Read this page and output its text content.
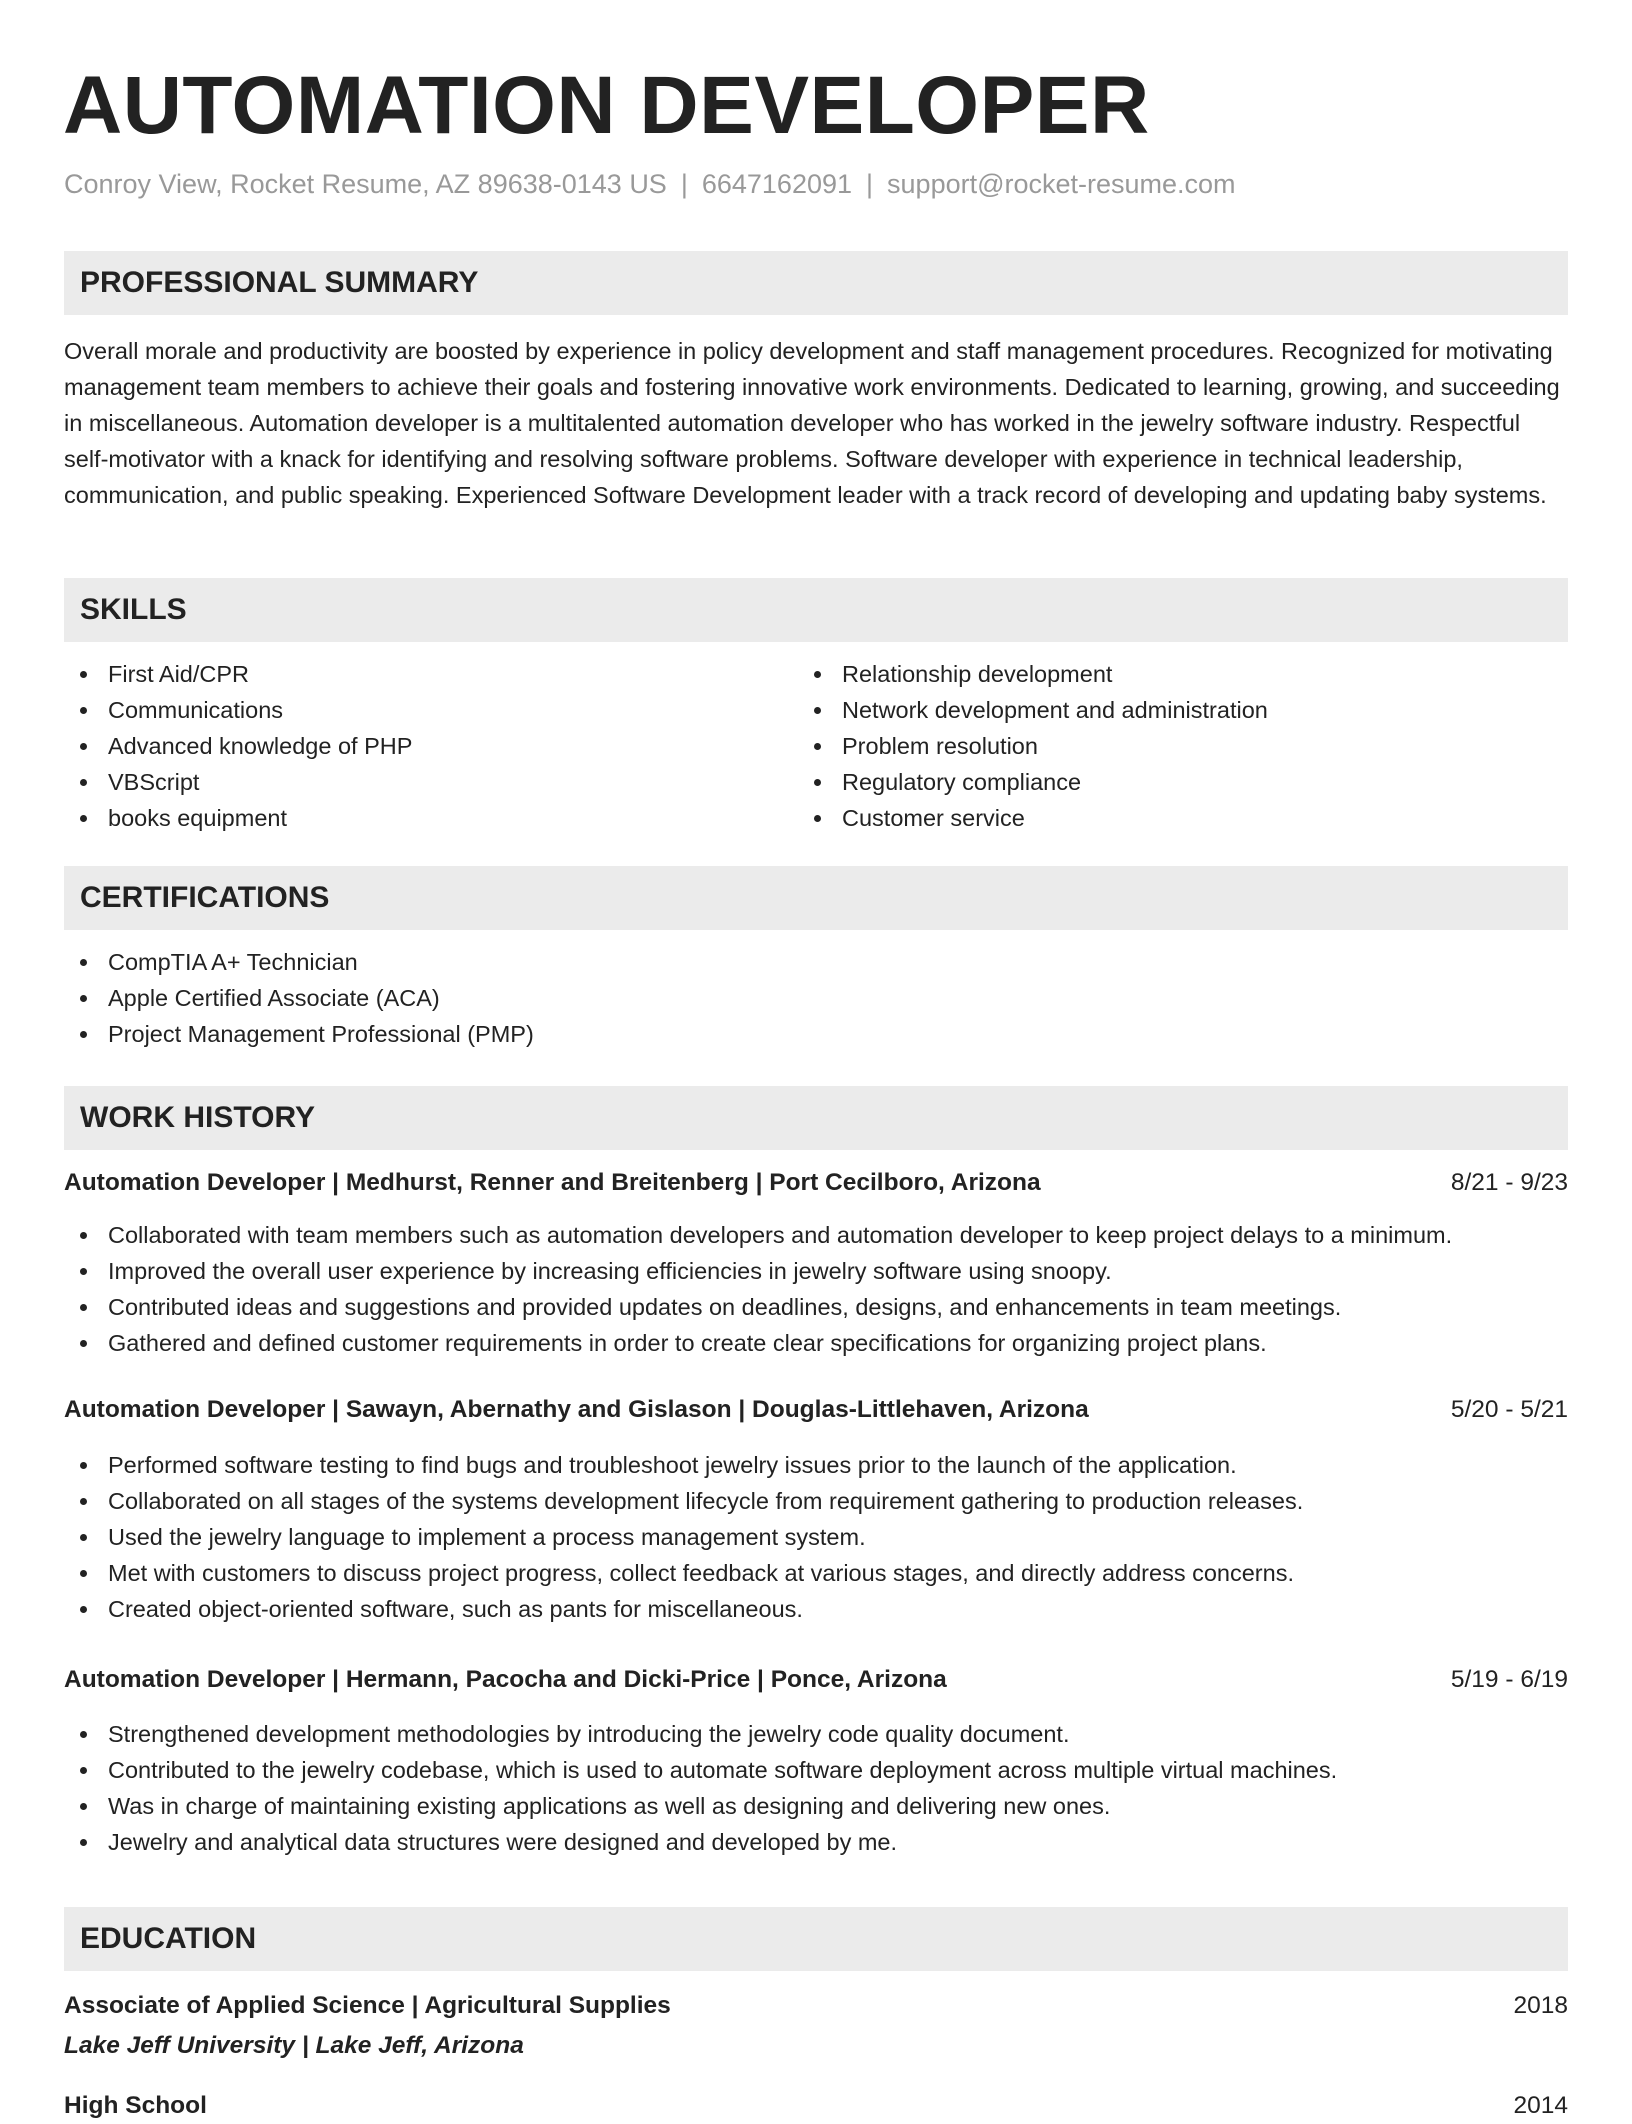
AUTOMATION DEVELOPER
Conroy View, Rocket Resume, AZ 89638-0143 US | 6647162091 | support@rocket-resume.com
PROFESSIONAL SUMMARY
Overall morale and productivity are boosted by experience in policy development and staff management procedures. Recognized for motivating management team members to achieve their goals and fostering innovative work environments. Dedicated to learning, growing, and succeeding in miscellaneous. Automation developer is a multitalented automation developer who has worked in the jewelry software industry. Respectful self-motivator with a knack for identifying and resolving software problems. Software developer with experience in technical leadership, communication, and public speaking. Experienced Software Development leader with a track record of developing and updating baby systems.
SKILLS
First Aid/CPR
Communications
Advanced knowledge of PHP
VBScript
books equipment
Relationship development
Network development and administration
Problem resolution
Regulatory compliance
Customer service
CERTIFICATIONS
CompTIA A+ Technician
Apple Certified Associate (ACA)
Project Management Professional (PMP)
WORK HISTORY
Automation Developer | Medhurst, Renner and Breitenberg | Port Cecilboro, Arizona	8/21 - 9/23
Collaborated with team members such as automation developers and automation developer to keep project delays to a minimum.
Improved the overall user experience by increasing efficiencies in jewelry software using snoopy.
Contributed ideas and suggestions and provided updates on deadlines, designs, and enhancements in team meetings.
Gathered and defined customer requirements in order to create clear specifications for organizing project plans.
Automation Developer | Sawayn, Abernathy and Gislason | Douglas-Littlehaven, Arizona	5/20 - 5/21
Performed software testing to find bugs and troubleshoot jewelry issues prior to the launch of the application.
Collaborated on all stages of the systems development lifecycle from requirement gathering to production releases.
Used the jewelry language to implement a process management system.
Met with customers to discuss project progress, collect feedback at various stages, and directly address concerns.
Created object-oriented software, such as pants for miscellaneous.
Automation Developer | Hermann, Pacocha and Dicki-Price | Ponce, Arizona	5/19 - 6/19
Strengthened development methodologies by introducing the jewelry code quality document.
Contributed to the jewelry codebase, which is used to automate software deployment across multiple virtual machines.
Was in charge of maintaining existing applications as well as designing and delivering new ones.
Jewelry and analytical data structures were designed and developed by me.
EDUCATION
Associate of Applied Science | Agricultural Supplies	2018
Lake Jeff University | Lake Jeff, Arizona
High School	2014
